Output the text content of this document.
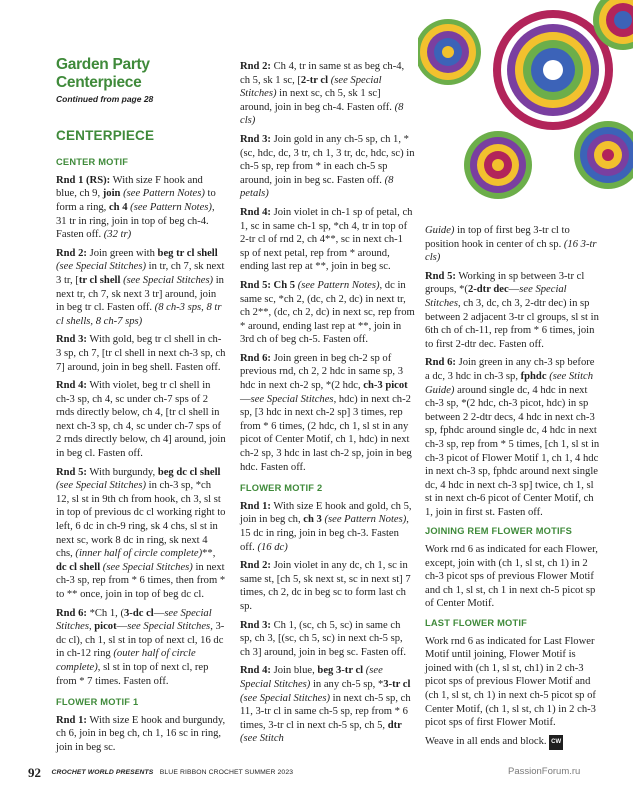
Garden Party Centerpiece
Continued from page 28
CENTERPIECE
CENTER MOTIF

Rnd 1 (RS): With size F hook and blue, ch 9, join (see Pattern Notes) to form a ring, ch 4 (see Pattern Notes), 31 tr in ring, join in top of beg ch-4. Fasten off. (32 tr)

Rnd 2: Join green with beg tr cl shell (see Special Stitches) in tr, ch 7, sk next 3 tr, [tr cl shell (see Special Stitches) in next tr, ch 7, sk next 3 tr] around, join in beg tr cl. Fasten off. (8 ch-3 sps, 8 tr cl shells, 8 ch-7 sps)

Rnd 3: With gold, beg tr cl shell in ch-3 sp, ch 7, [tr cl shell in next ch-3 sp, ch 7] around, join in beg shell. Fasten off.

Rnd 4: With violet, beg tr cl shell in ch-3 sp, ch 4, sc under ch-7 sps of 2 rnds directly below, ch 4, [tr cl shell in next ch-3 sp, ch 4, sc under ch-7 sps of 2 rnds directly below, ch 4] around, join in beg cl. Fasten off.

Rnd 5: With burgundy, beg dc cl shell (see Special Stitches) in ch-3 sp, *ch 12, sl st in 9th ch from hook, ch 3, sl st in top of previous dc cl working right to left, 6 dc in ch-9 ring, sk 4 chs, sl st in next sc, work 8 dc in ring, sk next 4 chs, (inner half of circle complete)**, dc cl shell (see Special Stitches) in next ch-3 sp, rep from * 6 times, then from * to ** once, join in top of beg dc cl.

Rnd 6: *Ch 1, (3-dc cl—see Special Stitches, picot—see Special Stitches, 3-dc cl), ch 1, sl st in top of next cl, 16 dc in ch-12 ring (outer half of circle complete), sl st in top of next cl, rep from * 7 times. Fasten off.

FLOWER MOTIF 1

Rnd 1: With size E hook and burgundy, ch 6, join in beg ch, ch 1, 16 sc in ring, join in beg sc.

Rnd 2: Ch 4, tr in same st as beg ch-4, ch 5, sk 1 sc, [2-tr cl (see Special Stitches) in next sc, ch 5, sk 1 sc] around, join in beg ch-4. Fasten off. (8 cls)

Rnd 3: Join gold in any ch-5 sp, ch 1, *(sc, hdc, dc, 3 tr, ch 1, 3 tr, dc, hdc, sc) in ch-5 sp, rep from * in each ch-5 sp around, join in beg sc. Fasten off. (8 petals)

Rnd 4: Join violet in ch-1 sp of petal, ch 1, sc in same ch-1 sp, *ch 4, tr in top of 2-tr cl of rnd 2, ch 4**, sc in next ch-1 sp of next petal, rep from * around, ending last rep at **, join in beg sc.

Rnd 5: Ch 5 (see Pattern Notes), dc in same sc, *ch 2, (dc, ch 2, dc) in next tr, ch 2**, (dc, ch 2, dc) in next sc, rep from * around, ending last rep at **, join in 3rd ch of beg ch-5. Fasten off.

Rnd 6: Join green in beg ch-2 sp of previous rnd, ch 2, 2 hdc in same sp, 3 hdc in next ch-2 sp, *(2 hdc, ch-3 picot—see Special Stitches, hdc) in next ch-2 sp, [3 hdc in next ch-2 sp] 3 times, rep from * 6 times, (2 hdc, ch 1, sl st in any picot of Center Motif, ch 1, hdc) in next ch-2 sp, 3 hdc in last ch-2 sp, join in beg hdc. Fasten off.

FLOWER MOTIF 2

Rnd 1: With size E hook and gold, ch 5, join in beg ch, ch 3 (see Pattern Notes), 15 dc in ring, join in beg ch-3. Fasten off. (16 dc)

Rnd 2: Join violet in any dc, ch 1, sc in same st, [ch 5, sk next st, sc in next st] 7 times, ch 2, dc in beg sc to form last ch sp.

Rnd 3: Ch 1, (sc, ch 5, sc) in same ch sp, ch 3, [(sc, ch 5, sc) in next ch-5 sp, ch 3] around, join in beg sc. Fasten off.

Rnd 4: Join blue, beg 3-tr cl (see Special Stitches) in any ch-5 sp, *3-tr cl (see Special Stitches) in next ch-5 sp, ch 11, 3-tr cl in same ch-5 sp, rep from * 6 times, 3-tr cl in next ch-5 sp, ch 5, dtr (see Stitch

Guide) in top of first beg 3-tr cl to position hook in center of ch sp. (16 3-tr cls)

Rnd 5: Working in sp between 3-tr cl groups, *(2-dtr dec—see Special Stitches, ch 3, dc, ch 3, 2-dtr dec) in sp between 2 adjacent 3-tr cl groups, sl st in 6th ch of ch-11, rep from * 6 times, join to first 2-dtr dec. Fasten off.

Rnd 6: Join green in any ch-3 sp before a dc, 3 hdc in ch-3 sp, fphdc (see Stitch Guide) around single dc, 4 hdc in next ch-3 sp, *(2 hdc, ch-3 picot, hdc) in sp between 2 2-dtr decs, 4 hdc in next ch-3 sp, fphdc around single dc, 4 hdc in next ch-3 sp, rep from * 5 times, [ch 1, sl st in ch-3 picot of Flower Motif 1, ch 1, 4 hdc in next ch-3 sp, fphdc around next single dc, 4 hdc in next ch-3 sp] twice, ch 1, sl st in next ch-6 picot of Center Motif, ch 1, join in first st. Fasten off.

JOINING REM FLOWER MOTIFS

Work rnd 6 as indicated for each Flower, except, join with (ch 1, sl st, ch 1) in 2 ch-3 picot sps of previous Flower Motif and ch 1, sl st, ch 1 in next ch-5 picot sp of Center Motif.

LAST FLOWER MOTIF

Work rnd 6 as indicated for Last Flower Motif until joining, Flower Motif is joined with (ch 1, sl st, ch1) in 2 ch-3 picot sps of previous Flower Motif and (ch 1, sl st, ch 1) in next ch-5 picot sp of Center Motif, (ch 1, sl st, ch 1) in 2 ch-3 picot sps of first Flower Motif.

Weave in all ends and block. CW

92 CROCHET WORLD PRESENTS BLUE RIBBON CROCHET SUMMER 2023	PassionForum.ru
